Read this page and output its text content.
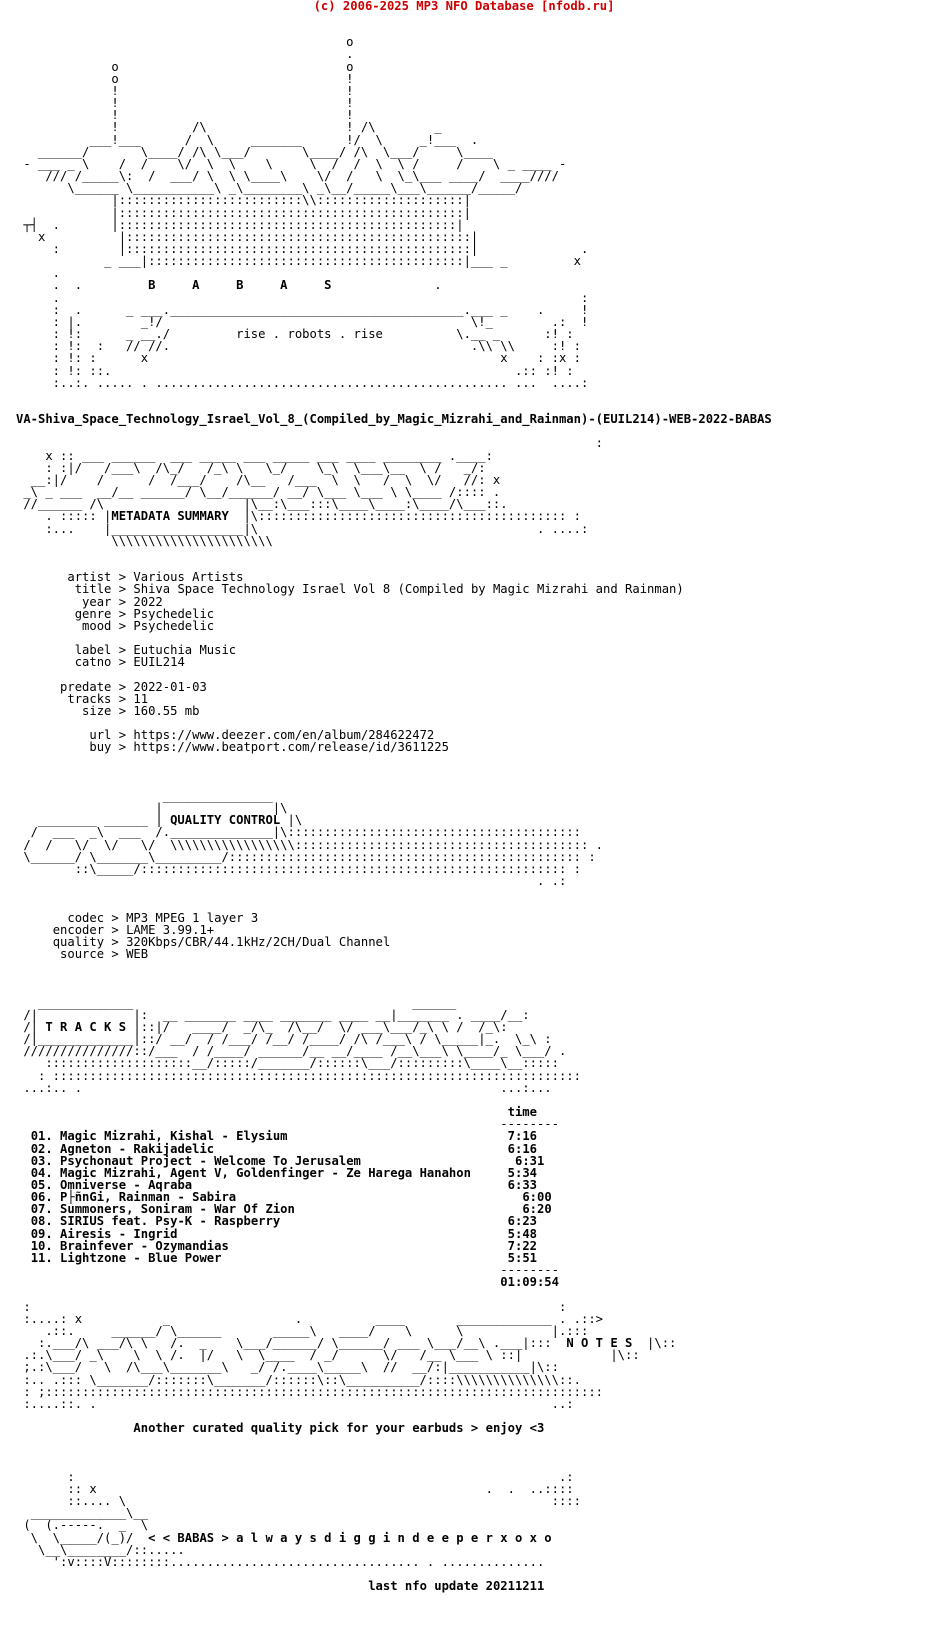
(c) 2006-2025 MP3 NFO Database [nfodb.ru]

o
.
o                               o
o                               !
!                               !
!                               !
!                               !
!          /\                   ! /\        _
___!___      /  \     _______      !/  \     _!___  .
______/       \____/ /\ \___/       \____/ /\  \___/     \____
- ___ _ \    /  /    \/  \  \    \     \  /  /  \  \ /     /    \ _ ____ -
/// /_____\:  /  ___/ \  \ \____\    \/  /   \  \_\___ ____/  ____////
\______ \___________\ _\________\ _\__/_____\___\______/_____/
|:::::::::::::::::::::::::\\::::::::::::::::::::|
|:::::::::::::::::::::::::::::::::::::::::::::::|
┬┤  .       |::::::::::::::::::::::::::::::::::::::::::::::|
x          |:::::::::::::::::::::::::::::::::::::::::::::::|
:        |:::::::::::::::::::::::::::::::::::::::::::::::|              .
_ ___|:::::::::::::::::::::::::::::::::::::::::::|___ _         x
.
.  .	B     A     B     A     S	.
.                                                                       :
:  .      _ ___.________________________________________.___ _    .     !
: |.        _!/                                          \!_        .:  !
: !:      _ __./	rise . robots . rise	\.__ _      :! :
: !:  :   // //.                                         .\\ \\     :! :
: !: :      x                                                x    : :x :
: !: ::.                                                       .:: :! :
:..:. ..... . ................................................ ...  ....:

VA-Shiva_Space_Technology_Israel_Vol_8_(Compiled_by_Magic_Mizrahi_and_Rainman)-(EUIL214)-WEB-2022-BABAS

:
x :: ___ ______  ___ _____ ___ _____ ___ ____ ________ .____:
: :|/   /___\  /\_/   /_\ \   \_/    \_\  \___\__  \ /   _/:
__:|/    /      /  /___/    /\__   /___  \  \   /  \  \/   //: x
_\ _ ___  __/__ ______/ \__/______/ __/ \___ \___ \ \____ /:::: .
//______ /\                   |\__:\___:::\____\____:\____/\___::.
. ::::: |METADATA SUMMARY  |\:::::::::::::::::::::::::::::::::::::::::: :
:...    |__________________|\                                      . ....:
\\\\\\\\\\\\\\\\\\\\\\

artist > Various Artists
title > Shiva Space Technology Israel Vol 8 (Compiled by Magic Mizrahi and Rainman)
year > 2022
genre > Psychedelic
mood > Psychedelic

label > Eutuchia Music
catno > EUIL214

predate > 2022-01-03
tracks > 11
size > 160.55 mb

url > https://www.deezer.com/en/album/284622472
buy > https://www.beatport.com/release/id/3611225

_______________
|               |\
________ ______ | QUALITY CONTROL |\
/  ___  _\  ___  /.______________|\::::::::::::::::::::::::::::::::::::::::
/  /   \/  \/   \/  \\\\\\\\\\\\\\\\\:::::::::::::::::::::::::::::::::::::::: .
\______/ \_______\_________/:::::::::::::::::::::::::::::::::::::::::::::::: :
::\_____/:::::::::::::::::::::::::::::::::::::::::::::::::::::::::: :
. .:

codec > MP3 MPEG 1 layer 3
encoder > LAME 3.99.1+
quality > 320Kbps/CBR/44.1kHz/2CH/Dual Channel
source > WEB

_____________                                      ______
/|             |:  __ _______ ____ _______ ____ __|_______ . ____/__:
/| T R A C K S |::|/   ____/  _/\_  /\__/  \/ ___\___/_\ \ /  /_\:
/|_____________|::/ __/  / /___/ /__/ /____/ /\ /___\ / \_____|_.  \_\ :
///////////////::/___  / /____/ ______/__ __/____ /__\___\ \____/_ \___/ .
::::::::::::::::::::__/:::::/_______/::::::\___/:::::::::\____\__:::::
: ::::::::::::::::::::::::::::::::::::::::::::::::::::::::::::::::::::::::
...:.. .                                                         ...:...

time
--------
01. Magic Mizrahi, Kishal - Elysium	7:16
02. Agneton - Rakijadelic	6:16
03. Psychonaut Project - Welcome To Jerusalem	6:31
04. Magic Mizrahi, Agent V, Goldenfinger - Ze Harega Hanahon	5:34
05. Omniverse - Aqraba	6:33
06. P├ñnGi, Rainman - Sabira	6:00
07. Summoners, Soniram - War Of Zion	6:20
08. SIRIUS feat. Psy-K - Raspberry	6:23
09. Airesis - Ingrid	5:48
10. Brainfever - Ozymandias	7:22
11. Lightzone - Blue Power	5:51
--------
01:09:54

:                                                                        :
:....: x           _                 .          ____       _____________ . .::>
.::.     ______/ \______       _____\   ____/    \      \            |.:::
:.___/\ ___/\ \   /.  _    \___/______/ \______/ ___ \___/__\ .___|:::  N O T E S  |\::
.:.\___/ _\    \  \ /.  |/   \  \____  / _/      \/   /__ \___ \ ::|            |\::
;.:\___/   \  /\___\_______\   _/ /.____\_____\  //  __/:|___________|\::
:.. .::: \_______/:::::::\_______/::::::\::\__________/::::\\\\\\\\\\\\\\::.
: ;::::::::::::::::::::::::::::::::::::::::::::::::::::::::::::::::::::::::::::
:....::. .                                                              ..:

Another curated quality pick for your earbuds > enjoy <3

:                                                                  .:
:: x                                                     .  .  ..::::
::.... \                                                          ::::
_____________\__
(  (.-----.  _  \
\  \_____/(_)/  < < BABAS > a l w a y s d i g g i n d e e p e r x o x o
\__\________/::.....
':v::::V::::::::.................................. . ..............

last nfo update 20211211
